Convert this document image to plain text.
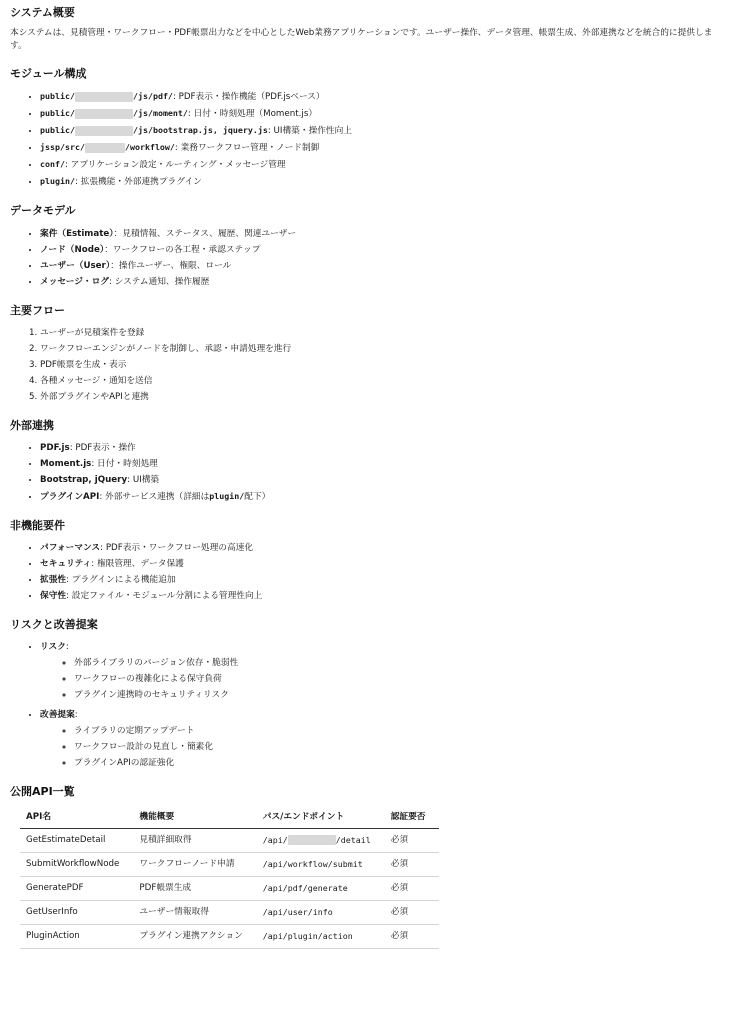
システム概要

本システムは、見積管理・ワークフロー・PDF帳票出力などを中心としたWeb業務アプリケーションです。ユーザー操作、データ管理、帳票生成、外部連携などを統合的に提供します。

モジュール構成
• public/	/js/pdf/: PDF表示・操作機能（PDF.jsベース）
• public/	/js/moment/: 日付・時刻処理（Moment.js）
• public/	/js/bootstrap.js, jquery.js: UI構築・操作性向上
• jssp/src/	/workflow/: 業務ワークフロー管理・ノード制御
• conf/: アプリケーション設定・ルーティング・メッセージ管理
• plugin/: 拡張機能・外部連携プラグイン
データモデル
• 案件（Estimate）：見積情報、ステータス、履歴、関連ユーザー
• ノード（Node）：ワークフローの各工程・承認ステップ
• ユーザー（User）：操作ユーザー、権限、ロール
• メッセージ・ログ: システム通知、操作履歴
主要フロー
1. ユーザーが見積案件を登録
2. ワークフローエンジンがノードを制御し、承認・申請処理を進行
3. PDF帳票を生成・表示
4. 各種メッセージ・通知を送信
5. 外部プラグインやAPIと連携
外部連携
• PDF.js: PDF表示・操作
• Moment.js: 日付・時刻処理
• Bootstrap, jQuery: UI構築
• プラグインAPI: 外部サービス連携（詳細はplugin/配下）
非機能要件
• パフォーマンス: PDF表示・ワークフロー処理の高速化
• セキュリティ: 権限管理、データ保護
• 拡張性: プラグインによる機能追加
• 保守性: 設定ファイル・モジュール分割による管理性向上
リスクと改善提案
• リスク:
◦ 外部ライブラリのバージョン依存・脆弱性
◦ ワークフローの複雑化による保守負荷
◦ プラグイン連携時のセキュリティリスク
• 改善提案:
◦ ライブラリの定期アップデート
◦ ワークフロー設計の見直し・簡素化
◦ プラグインAPIの認証強化
公開API一覧
API名	機能概要	パス/エンドポイント	認証要否
GetEstimateDetail	見積詳細取得	/api/ /detail	必須
SubmitWorkflowNode	ワークフローノード申請	/api/workflow/submit	必須
GeneratePDF	PDF帳票生成	/api/pdf/generate	必須
GetUserInfo	ユーザー情報取得	/api/user/info	必須
PluginAction	プラグイン連携アクション	/api/plugin/action	必須
